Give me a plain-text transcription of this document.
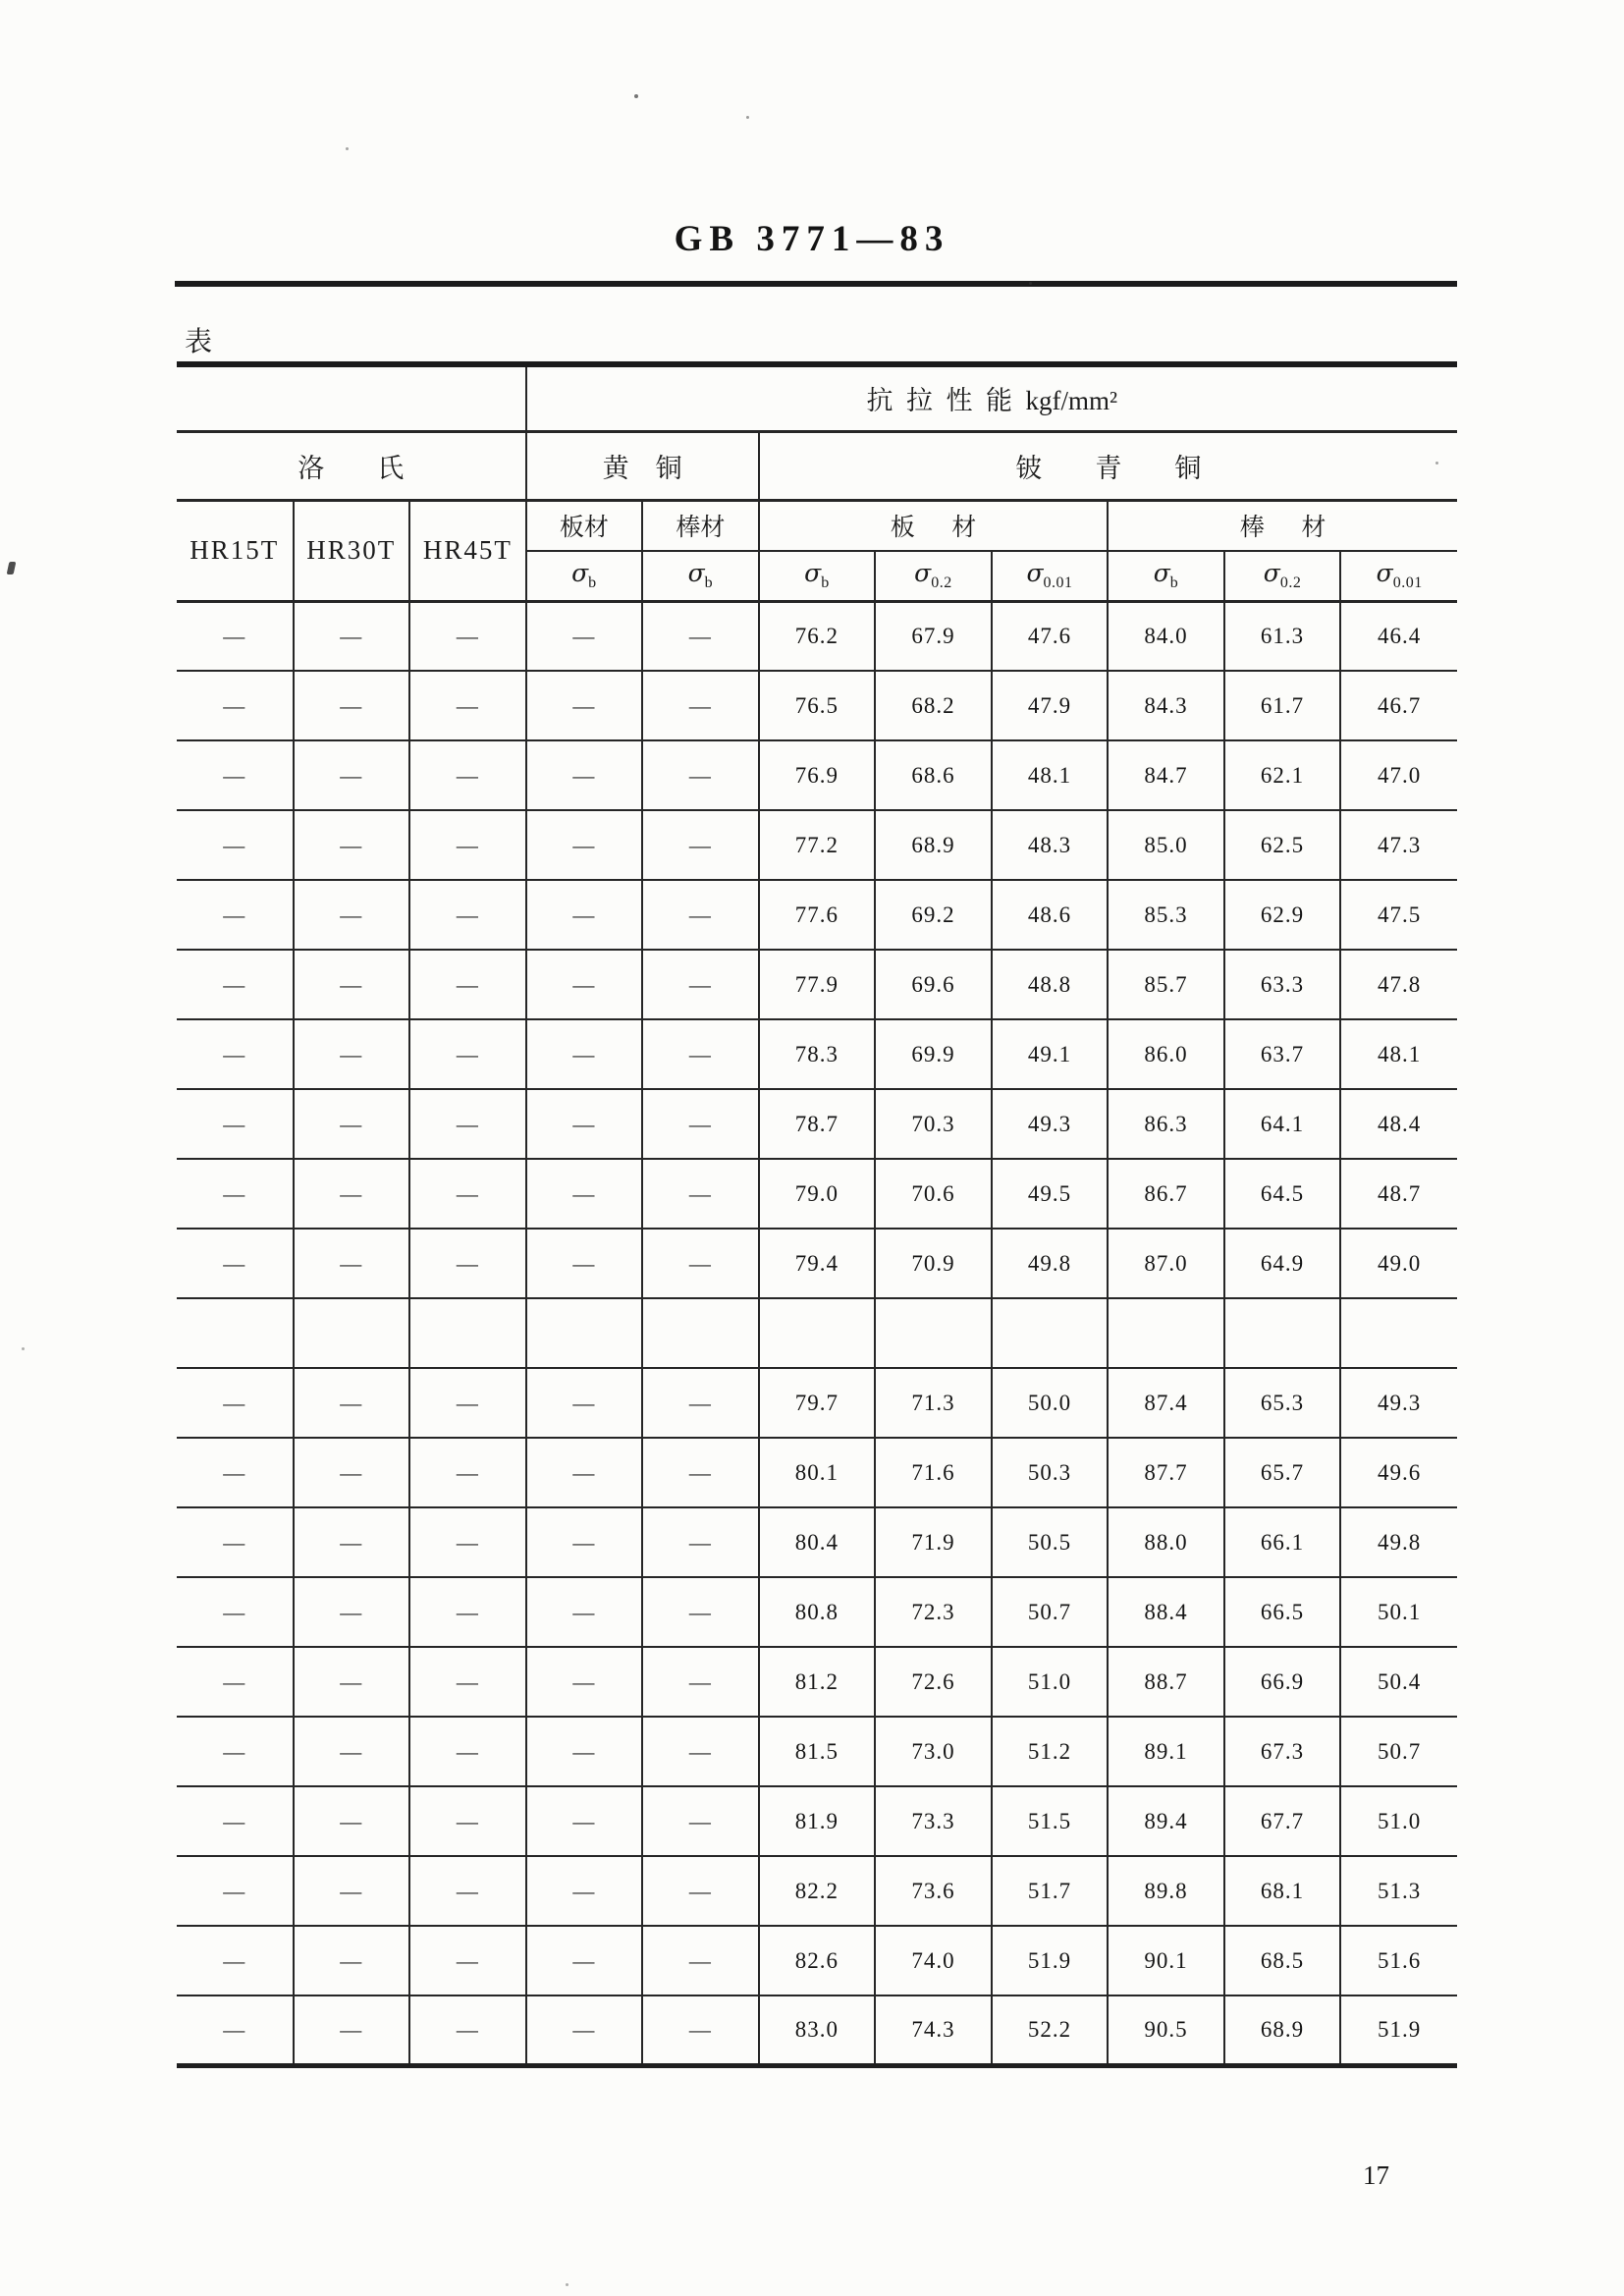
GB 3771—83
表
			抗  拉  性  能  kgf/mm²							
洛        氏			黄    铜		铍        青        铜					
HR15T	HR30T	HR45T	板材	棒材	板      材			棒      材		
			$\sigma_b$	$\sigma_b$	$\sigma_b$	$\sigma_{0.2}$	$\sigma_{0.01}$	$\sigma_b$	$\sigma_{0.2}$	$\sigma_{0.01}$
—	—	—	—	—	76.2	67.9	47.6	84.0	61.3	46.4
—	—	—	—	—	76.5	68.2	47.9	84.3	61.7	46.7
—	—	—	—	—	76.9	68.6	48.1	84.7	62.1	47.0
—	—	—	—	—	77.2	68.9	48.3	85.0	62.5	47.3
—	—	—	—	—	77.6	69.2	48.6	85.3	62.9	47.5
—	—	—	—	—	77.9	69.6	48.8	85.7	63.3	47.8
—	—	—	—	—	78.3	69.9	49.1	86.0	63.7	48.1
—	—	—	—	—	78.7	70.3	49.3	86.3	64.1	48.4
—	—	—	—	—	79.0	70.6	49.5	86.7	64.5	48.7
—	—	—	—	—	79.4	70.9	49.8	87.0	64.9	49.0

—	—	—	—	—	79.7	71.3	50.0	87.4	65.3	49.3
—	—	—	—	—	80.1	71.6	50.3	87.7	65.7	49.6
—	—	—	—	—	80.4	71.9	50.5	88.0	66.1	49.8
—	—	—	—	—	80.8	72.3	50.7	88.4	66.5	50.1
—	—	—	—	—	81.2	72.6	51.0	88.7	66.9	50.4
—	—	—	—	—	81.5	73.0	51.2	89.1	67.3	50.7
—	—	—	—	—	81.9	73.3	51.5	89.4	67.7	51.0
—	—	—	—	—	82.2	73.6	51.7	89.8	68.1	51.3
—	—	—	—	—	82.6	74.0	51.9	90.1	68.5	51.6
—	—	—	—	—	83.0	74.3	52.2	90.5	68.9	51.9
17
